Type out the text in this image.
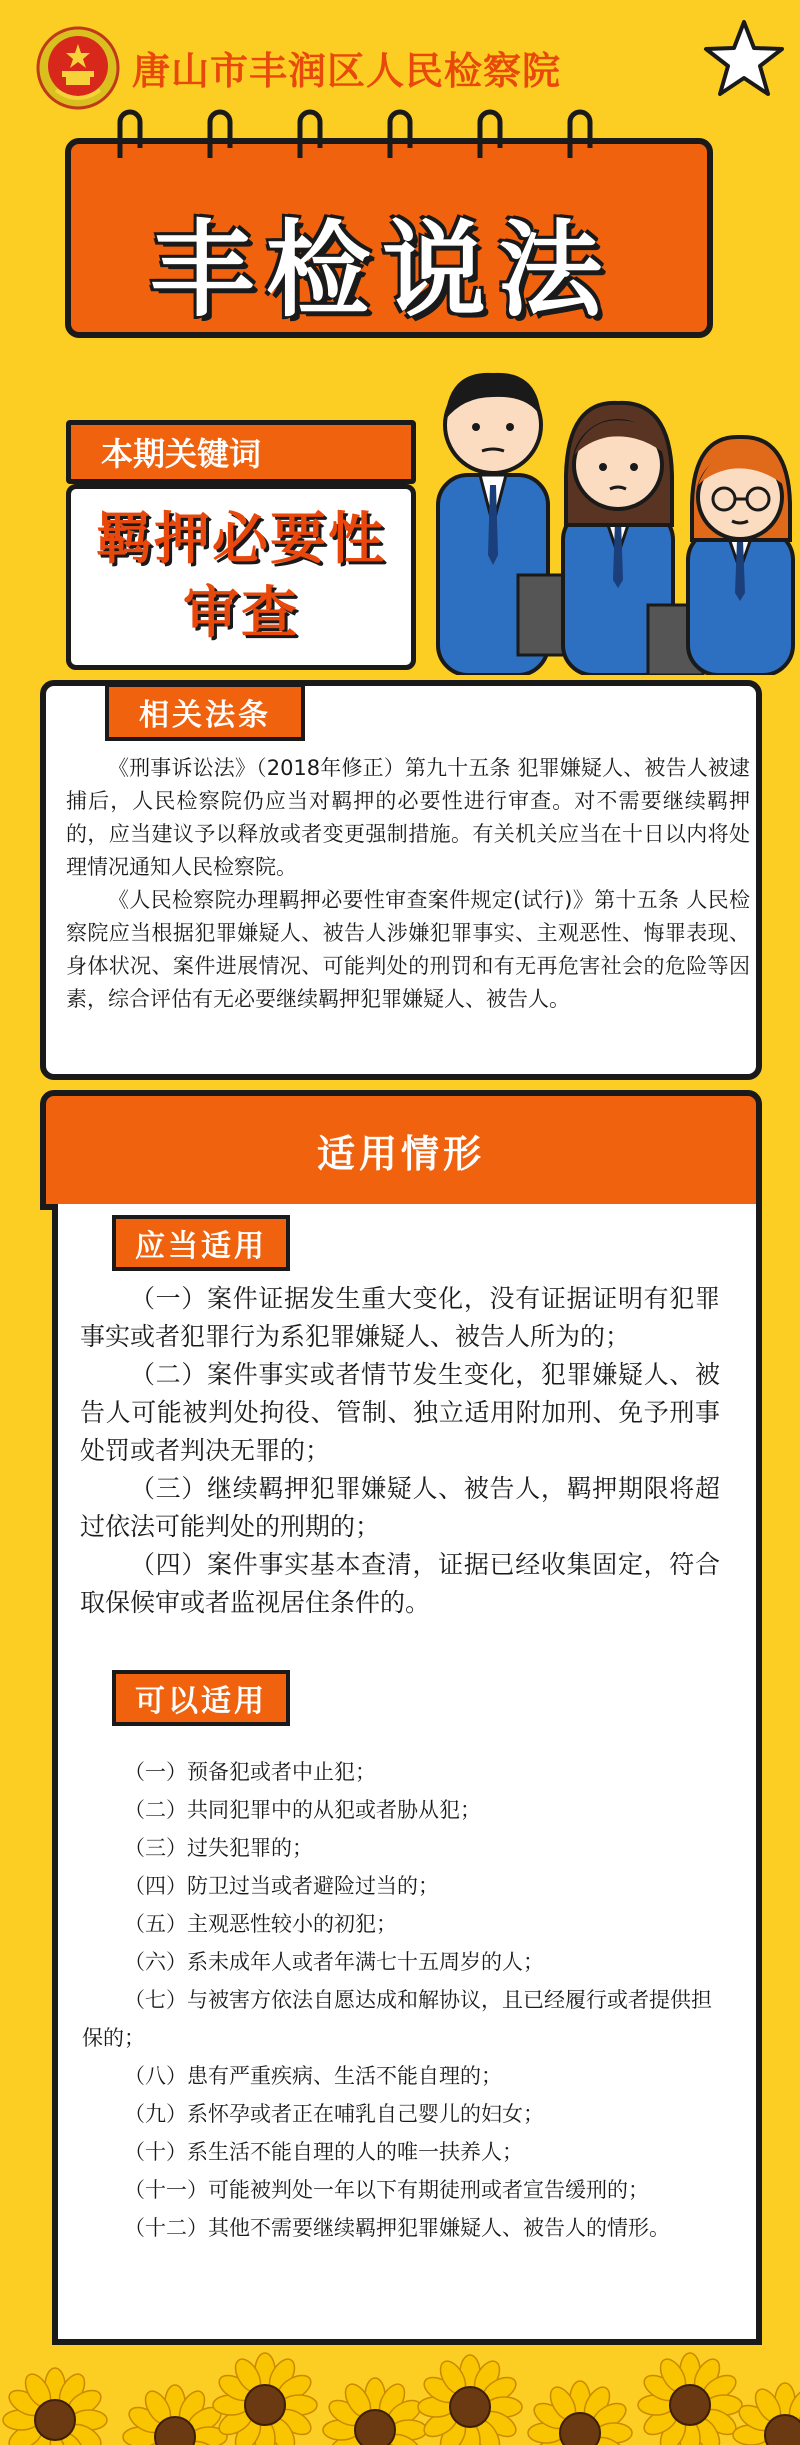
唐山市丰润区人民检察院
丰检说法
本期关键词
羁押必要性
审查
相关法条

《刑事诉讼法》（2018年修正）第九十五条 犯罪嫌疑人、被告人被逮捕后，人民检察院仍应当对羁押的必要性进行审查。对不需要继续羁押的，应当建议予以释放或者变更强制措施。有关机关应当在十日以内将处理情况通知人民检察院。

《人民检察院办理羁押必要性审查案件规定(试行)》第十五条 人民检察院应当根据犯罪嫌疑人、被告人涉嫌犯罪事实、主观恶性、悔罪表现、身体状况、案件进展情况、可能判处的刑罚和有无再危害社会的危险等因素，综合评估有无必要继续羁押犯罪嫌疑人、被告人。

适用情形
应当适用

（一）案件证据发生重大变化，没有证据证明有犯罪事实或者犯罪行为系犯罪嫌疑人、被告人所为的；

（二）案件事实或者情节发生变化，犯罪嫌疑人、被告人可能被判处拘役、管制、独立适用附加刑、免予刑事处罚或者判决无罪的；

（三）继续羁押犯罪嫌疑人、被告人，羁押期限将超过依法可能判处的刑期的；

（四）案件事实基本查清，证据已经收集固定，符合取保候审或者监视居住条件的。

可以适用

（一）预备犯或者中止犯；

（二）共同犯罪中的从犯或者胁从犯；

（三）过失犯罪的；

（四）防卫过当或者避险过当的；

（五）主观恶性较小的初犯；

（六）系未成年人或者年满七十五周岁的人；

（七）与被害方依法自愿达成和解协议，且已经履行或者提供担保的；

（八）患有严重疾病、生活不能自理的；

（九）系怀孕或者正在哺乳自己婴儿的妇女；

（十）系生活不能自理的人的唯一扶养人；

（十一）可能被判处一年以下有期徒刑或者宣告缓刑的；

（十二）其他不需要继续羁押犯罪嫌疑人、被告人的情形。
